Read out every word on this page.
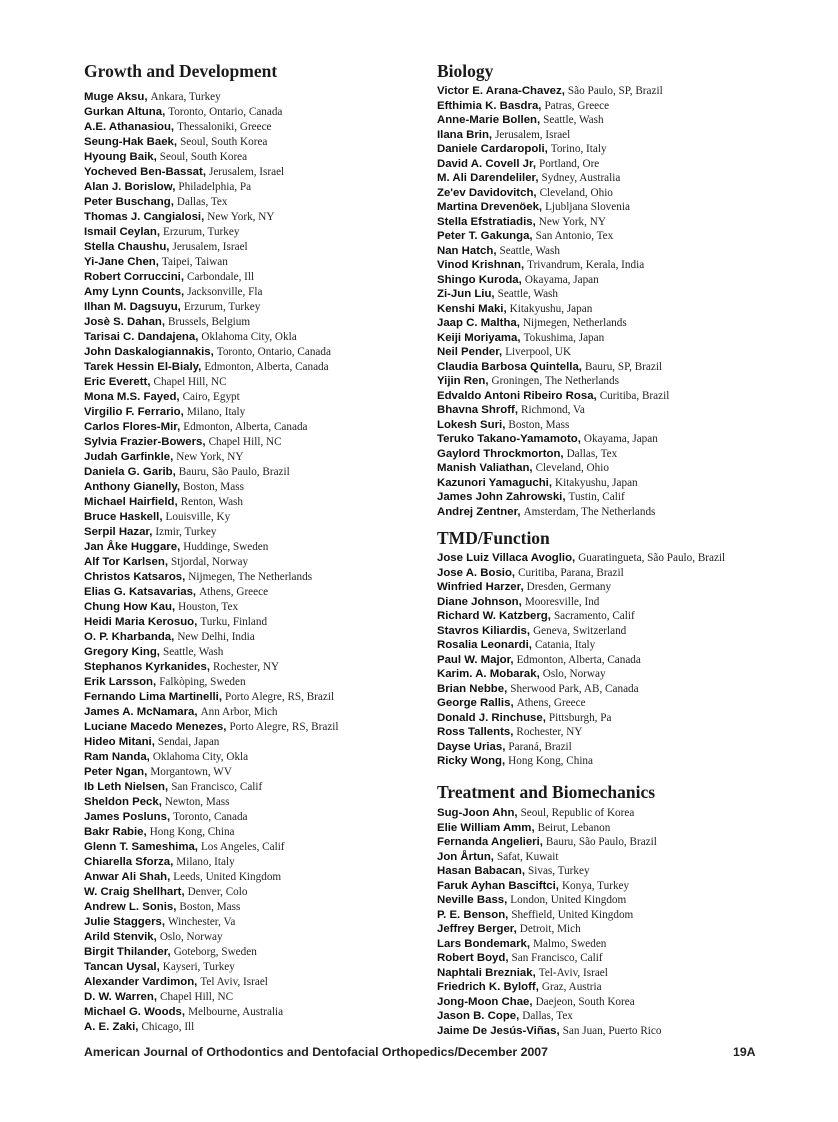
Growth and Development
Muge Aksu , Ankara, Turkey
Gurkan Altuna , Toronto, Ontario, Canada
A.E. Athanasiou , Thessaloniki, Greece
Seung-Hak Baek , Seoul, South Korea
Hyoung Baik , Seoul, South Korea
Yocheved Ben-Bassat , Jerusalem, Israel
Alan J. Borislow , Philadelphia, Pa
Peter Buschang , Dallas, Tex
Thomas J. Cangialosi , New York, NY
Ismail Ceylan , Erzurum, Turkey
Stella Chaushu , Jerusalem, Israel
Yi-Jane Chen , Taipei, Taiwan
Robert Corruccini , Carbondale, Ill
Amy Lynn Counts , Jacksonville, Fla
Ilhan M. Dagsuyu , Erzurum, Turkey
Josè S. Dahan , Brussels, Belgium
Tarisai C. Dandajena , Oklahoma City, Okla
John Daskalogiannakis , Toronto, Ontario, Canada
Tarek Hessin El-Bialy , Edmonton, Alberta, Canada
Eric Everett , Chapel Hill, NC
Mona M.S. Fayed , Cairo, Egypt
Virgilio F. Ferrario , Milano, Italy
Carlos Flores-Mir , Edmonton, Alberta, Canada
Sylvia Frazier-Bowers , Chapel Hill, NC
Judah Garfinkle , New York, NY
Daniela G. Garib , Bauru, São Paulo, Brazil
Anthony Gianelly , Boston, Mass
Michael Hairfield , Renton, Wash
Bruce Haskell , Louisville, Ky
Serpil Hazar , Izmir, Turkey
Jan Åke Huggare , Huddinge, Sweden
Alf Tor Karlsen , Stjordal, Norway
Christos Katsaros , Nijmegen, The Netherlands
Elias G. Katsavarias , Athens, Greece
Chung How Kau , Houston, Tex
Heidi Maria Kerosuo , Turku, Finland
O. P. Kharbanda , New Delhi, India
Gregory King , Seattle, Wash
Stephanos Kyrkanides , Rochester, NY
Erik Larsson , Falkòping, Sweden
Fernando Lima Martinelli , Porto Alegre, RS, Brazil
James A. McNamara , Ann Arbor, Mich
Luciane Macedo Menezes , Porto Alegre, RS, Brazil
Hideo Mitani , Sendai, Japan
Ram Nanda , Oklahoma City, Okla
Peter Ngan , Morgantown, WV
Ib Leth Nielsen , San Francisco, Calif
Sheldon Peck , Newton, Mass
James Posluns , Toronto, Canada
Bakr Rabie , Hong Kong, China
Glenn T. Sameshima , Los Angeles, Calif
Chiarella Sforza , Milano, Italy
Anwar Ali Shah , Leeds, United Kingdom
W. Craig Shellhart , Denver, Colo
Andrew L. Sonis , Boston, Mass
Julie Staggers , Winchester, Va
Arild Stenvik , Oslo, Norway
Birgit Thilander , Goteborg, Sweden
Tancan Uysal , Kayseri, Turkey
Alexander Vardimon , Tel Aviv, Israel
D. W. Warren , Chapel Hill, NC
Michael G. Woods , Melbourne, Australia
A. E. Zaki , Chicago, Ill
Biology
Victor E. Arana-Chavez , São Paulo, SP, Brazil
Efthimia K. Basdra , Patras, Greece
Anne-Marie Bollen , Seattle, Wash
Ilana Brin , Jerusalem, Israel
Daniele Cardaropoli , Torino, Italy
David A. Covell Jr , Portland, Ore
M. Ali Darendeliler , Sydney, Australia
Ze'ev Davidovitch , Cleveland, Ohio
Martina Drevenöek , Ljubljana Slovenia
Stella Efstratiadis , New York, NY
Peter T. Gakunga , San Antonio, Tex
Nan Hatch , Seattle, Wash
Vinod Krishnan , Trivandrum, Kerala, India
Shingo Kuroda , Okayama, Japan
Zi-Jun Liu , Seattle, Wash
Kenshi Maki , Kitakyushu, Japan
Jaap C. Maltha , Nijmegen, Netherlands
Keiji Moriyama , Tokushima, Japan
Neil Pender , Liverpool, UK
Claudia Barbosa Quintella , Bauru, SP, Brazil
Yijin Ren , Groningen, The Netherlands
Edvaldo Antoni Ribeiro Rosa , Curitiba, Brazil
Bhavna Shroff , Richmond, Va
Lokesh Suri , Boston, Mass
Teruko Takano-Yamamoto , Okayama, Japan
Gaylord Throckmorton , Dallas, Tex
Manish Valiathan , Cleveland, Ohio
Kazunori Yamaguchi , Kitakyushu, Japan
James John Zahrowski , Tustin, Calif
Andrej Zentner , Amsterdam, The Netherlands
TMD/Function
Jose Luiz Villaca Avoglio , Guaratingueta, São Paulo, Brazil
Jose A. Bosio , Curitiba, Parana, Brazil
Winfried Harzer , Dresden, Germany
Diane Johnson , Mooresville, Ind
Richard W. Katzberg , Sacramento, Calif
Stavros Kiliardis , Geneva, Switzerland
Rosalia Leonardi , Catania, Italy
Paul W. Major , Edmonton, Alberta, Canada
Karim. A. Mobarak , Oslo, Norway
Brian Nebbe , Sherwood Park, AB, Canada
George Rallis , Athens, Greece
Donald J. Rinchuse , Pittsburgh, Pa
Ross Tallents , Rochester, NY
Dayse Urias , Paraná, Brazil
Ricky Wong , Hong Kong, China
Treatment and Biomechanics
Sug-Joon Ahn , Seoul, Republic of Korea
Elie William Amm , Beirut, Lebanon
Fernanda Angelieri , Bauru, São Paulo, Brazil
Jon Årtun , Safat, Kuwait
Hasan Babacan , Sivas, Turkey
Faruk Ayhan Basciftci , Konya, Turkey
Neville Bass , London, United Kingdom
P. E. Benson , Sheffield, United Kingdom
Jeffrey Berger , Detroit, Mich
Lars Bondemark , Malmo, Sweden
Robert Boyd , San Francisco, Calif
Naphtali Brezniak , Tel-Aviv, Israel
Friedrich K. Byloff , Graz, Austria
Jong-Moon Chae , Daejeon, South Korea
Jason B. Cope , Dallas, Tex
Jaime De Jesús-Viñas , San Juan, Puerto Rico
American Journal of Orthodontics and Dentofacial Orthopedics/December 2007	19A
